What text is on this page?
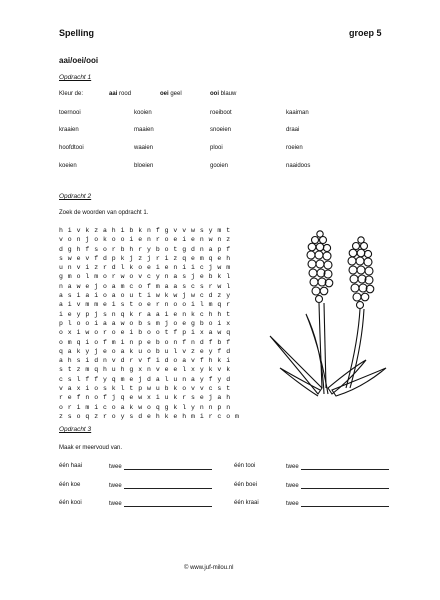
Spelling	groep 5
aai/oei/ooi
Opdracht 1
Kleur de:	aai rood	oei geel	ooi blauw
toernooi	kooien	roeiboot	kaaiman
kraaien	maaien	snoeien	draai
hoofdtooi	waaien	plooi	roeien
koeien	bloeien	gooien	naaidoos
Opdracht 2
Zoek de woorden van opdracht 1.
h i v k z a h i b k n f g v v w s y m t
v o n j o k o o i e n r o e i e n w n z
d g h f s o r b h r y b o t g d n a p f
s w e v f d p k j z j r i z q e m q e h
u n v i z r d l k o e i e n i i c j w m
g m o l m o r w o v c y n a s j e b k l
n a w e j o a m c o f m a a s c s r w l
a s i a i o a o u t i w k w j w c d z y
a i v m m e i s t o e r n o o i l m q r
i e y p j s n q k r a a i e n k c h h t
p l o o i a a w o b s m j o e g b o i x
o x i w o r o e i b o o t f p i x a w q
o m q i o f m i n p e b o n f n d f b f
q a k y j e o a k u o b u l v z e y f d
a h s i d n v d r v f i d o a v f h k i
s t z m q h u h g x n v e e l x y k v k
c s l f f y q m e j d a l u n a y f y d
v a x i o s k l t p w u b k o v v c s t
r e f n o f j q e w x i u k r s e j a h
o r i m i c o a k w o q g k l y n n p n
z s o q z r o y s d e h k e h m i r c o m
Opdracht 3
Maak er meervoud van.
één haai	twee	één tooi	twee
één koe	twee	één boei	twee
één kooi	twee	één kraai	twee
© www.juf-milou.nl
